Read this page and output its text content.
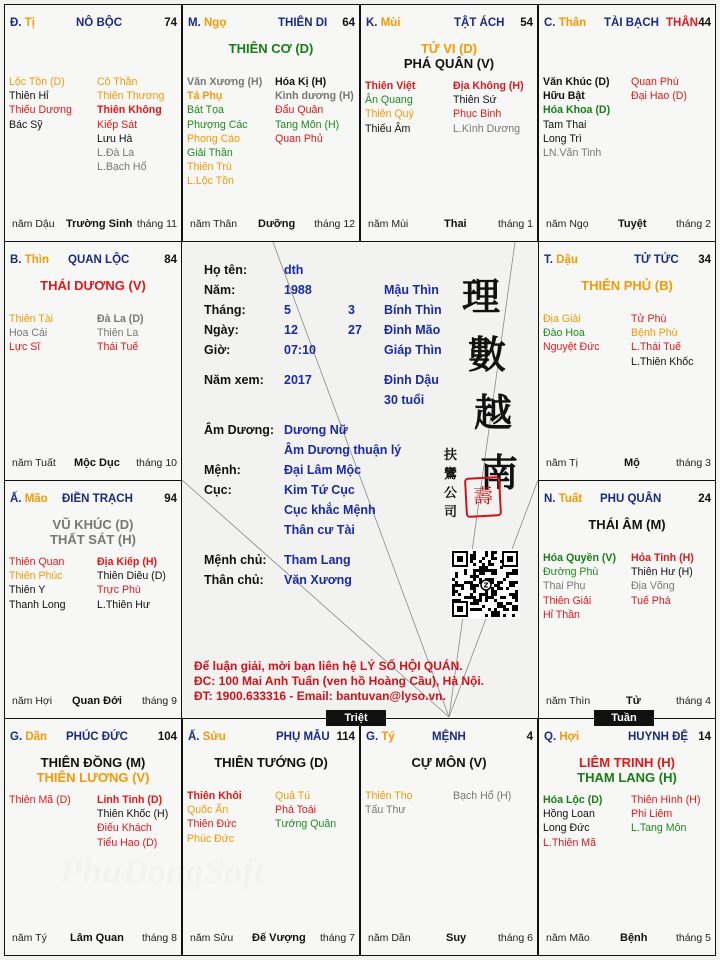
Đ. Tị	NÔ BỘC	74
Lộc Tồn (D)
Thiên Hỉ
Thiếu Dương
Bác Sỹ
Cô Thần
Thiên Thương
Thiên Không
Kiếp Sát
Lưu Hà
L.Đà La
L.Bạch Hổ
năm Dậu Trường Sinh tháng 11
M. Ngọ	THIÊN DI 64
THIÊN CƠ (D)
Văn Xương (H)
Tả Phụ
Bát Tọa
Phượng Các
Phong Cáo
Giải Thần
Thiên Trù
L.Lộc Tồn
Hóa Kị (H)
Kình dương (H)
Đẩu Quân
Tang Môn (H)
Quan Phủ
năm Thân Dưỡng tháng 12
K. Mùi	TẬT ÁCH 54
TỬ VI (D)
PHÁ QUÂN (V)
Thiên Việt
Ân Quang
Thiên Quý
Thiếu Âm
Địa Không (H)
Thiên Sứ
Phục Binh
L.Kình Dương
năm Mùi	Thai	tháng 1
C. Thân TÀI BẠCH THÂN 44
Văn Khúc (D)
Hữu Bật
Hóa Khoa (D)
Tam Thai
Long Trì
LN.Văn Tinh
Quan Phù
Đại Hao (D)
năm Ngọ	Tuyệt	tháng 2
B. Thìn QUAN LỘC	84
THÁI DƯƠNG (V)
Thiên Tài
Hoa Cái
Lực Sĩ
Đà La (D)
Thiên La
Thái Tuế
năm Tuất Mộc Dục tháng 10
T. Dậu	TỬ TỨC 34
THIÊN PHỦ (B)
Địa Giải
Đào Hoa
Nguyệt Đức
Tử Phù
Bệnh Phù
L.Thái Tuế
L.Thiên Khốc
năm Tị	Mộ	tháng 3
Ấ. Mão ĐIỀN TRẠCH	94
VŨ KHÚC (D)
THẤT SÁT (H)
Thiên Quan
Thiên Phúc
Thiên Y
Thanh Long
Địa Kiếp (H)
Thiên Diêu (D)
Trực Phù
L.Thiên Hư
năm Hợi Quan Đới tháng 9
N. Tuất PHU QUÂN	24
THÁI ÂM (M)
Hóa Quyền (V)
Đường Phù
Thai Phụ
Thiên Giải
Hỉ Thần
Hỏa Tinh (H)
Thiên Hư (H)
Địa Võng
Tuế Phá
năm Thìn	Tử	tháng 4
G. Dần PHÚC ĐỨC	104
THIÊN ĐỒNG (M)
THIÊN LƯƠNG (V)
Thiên Mã (D) Linh Tinh (D)
Thiên Khốc (H)
Điếu Khách
Tiểu Hao (D)
năm Tý Lâm Quan tháng 8
Ấ. Sửu	PHỤ MẪU 114
THIÊN TƯỚNG (D)
Thiên Khôi
Quốc Ấn
Thiên Đức
Phúc Đức
Quả Tú
Phá Toái
Tướng Quân
năm Sửu Đế Vượng tháng 7
G. Tý	MỆNH	4
CỰ MÔN (V)
Thiên Thọ
Tấu Thư
Bạch Hổ (H)
năm Dần	Suy	tháng 6
Q. Hợi	HUYNH ĐỆ 14
LIÊM TRINH (H)
THAM LANG (H)
Hóa Lộc (D)
Hồng Loan
Long Đức
L.Thiên Mã
Thiên Hình (H)
Phi Liêm
L.Tang Môn
năm Mão	Bệnh	tháng 5
Họ tên:	dth
Năm:	1988	Mậu Thìn
Tháng:	5	3 Bính Thìn
Ngày:	12	27 Đinh Mão
Giờ:	07:10	Giáp Thìn
Năm xem: 2017	Đinh Dậu
30 tuổi
Âm Dương: Dương Nữ
Âm Dương thuận lý
Mệnh:	Đại Lâm Mộc
Cục:	Kim Tứ Cục
Cục khắc Mệnh
Thân cư Tài
Mệnh chủ: Tham Lang
Thân chủ: Văn Xương
理
數
越
南
扶
鸞
公
司
壽
Z
Để luận giải, mời bạn liên hệ LÝ SỐ HỘI QUÁN.
ĐC: 100 Mai Anh Tuấn (ven hồ Hoàng Cầu), Hà Nội.
ĐT: 1900.633316 - Email: bantuvan@lyso.vn.
Triệt	Tuần
